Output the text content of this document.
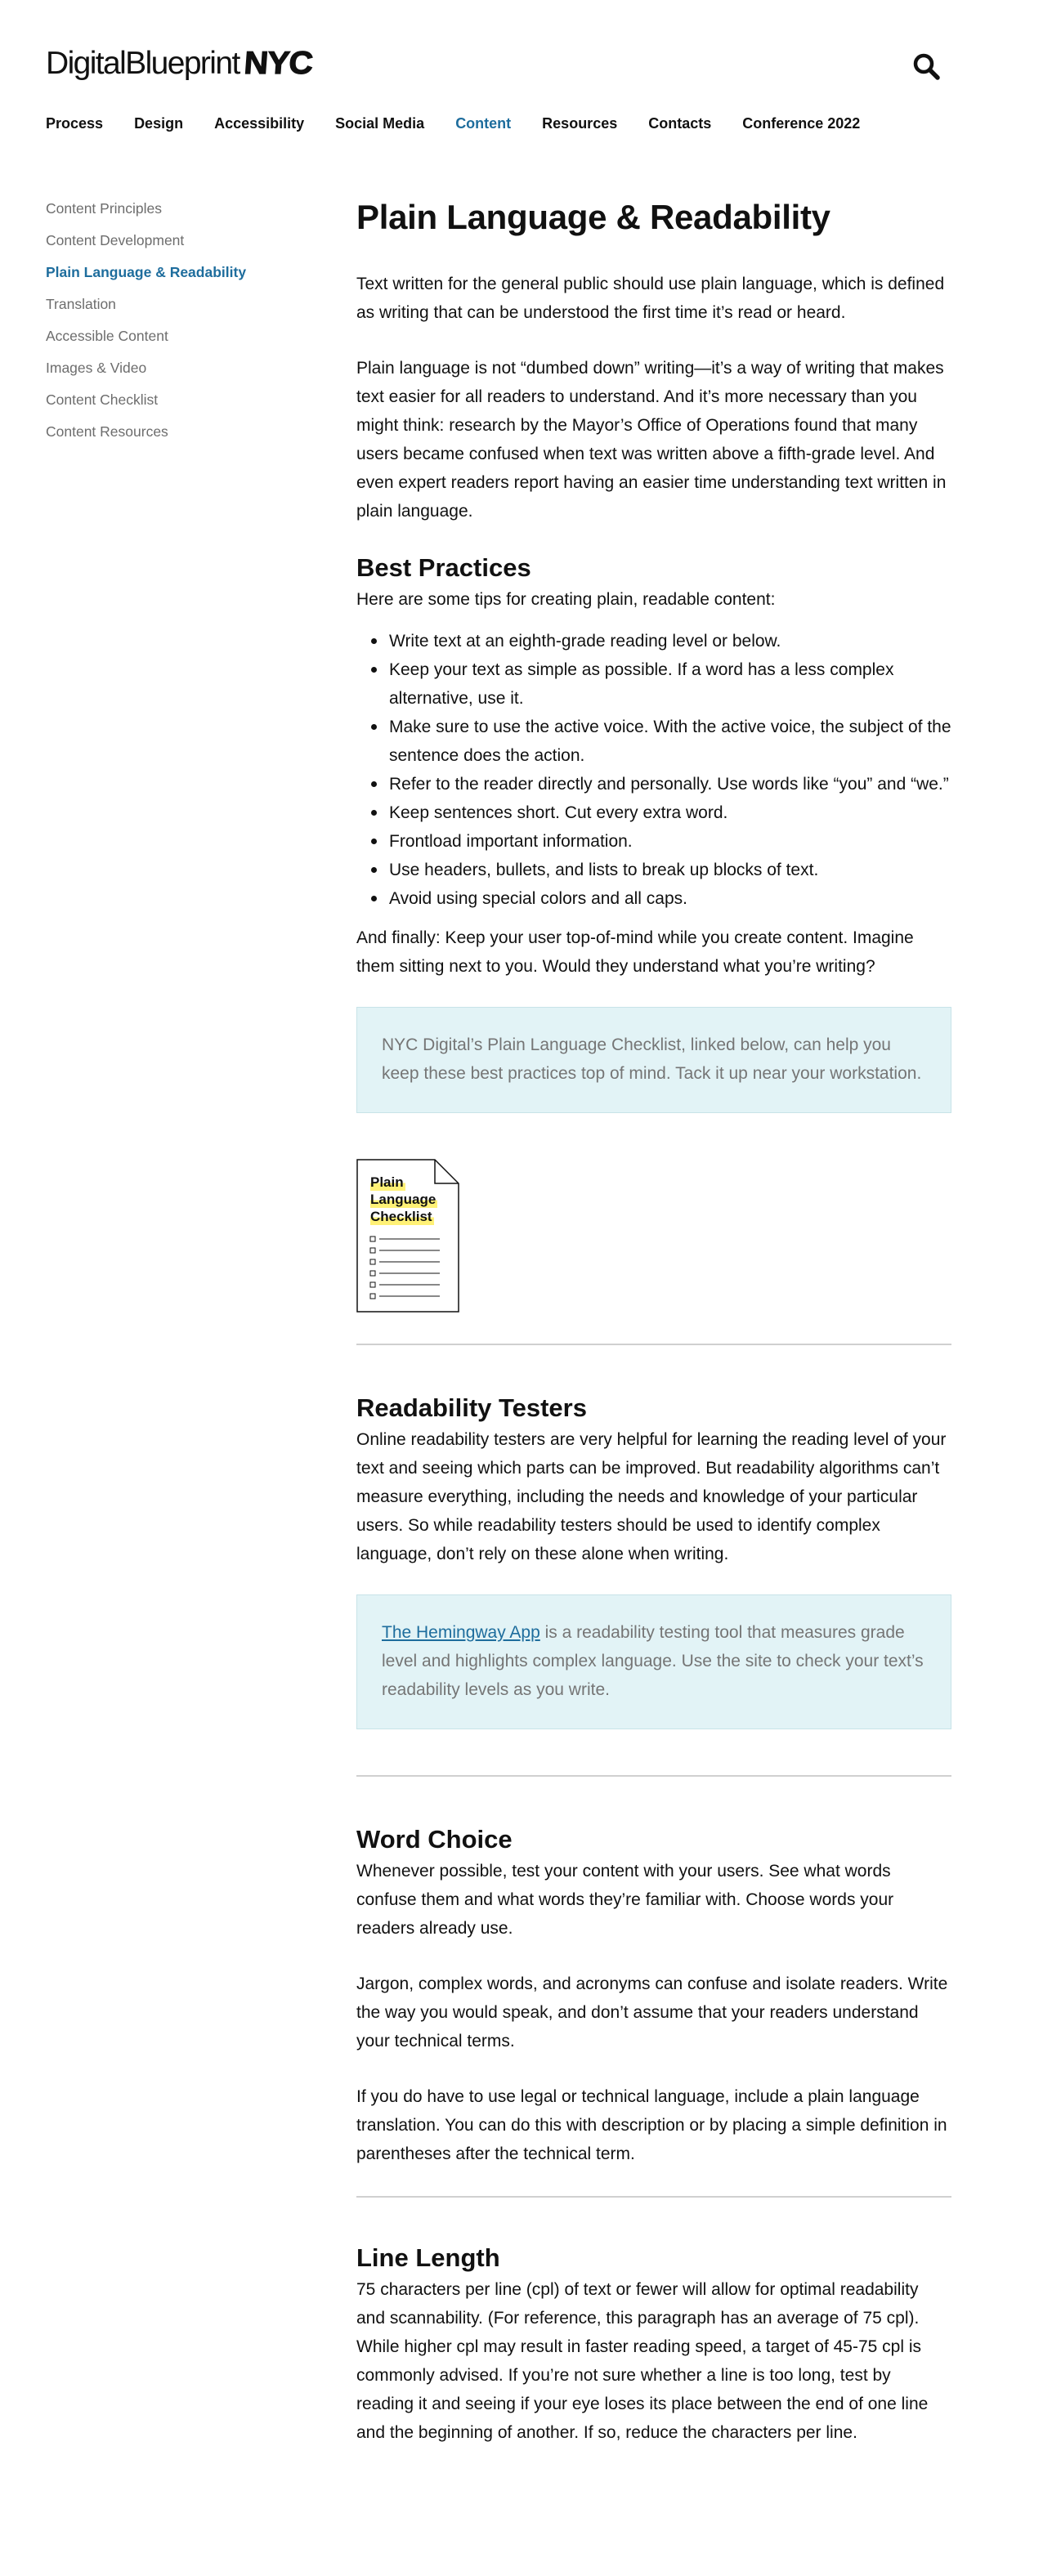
DigitalBlueprint NYC
Process Design Accessibility Social Media Content Resources Contacts Conference 2022
Content Principles
Content Development
Plain Language & Readability
Translation
Accessible Content
Images & Video
Content Checklist
Content Resources
Plain Language & Readability

Text written for the general public should use plain language, which is defined as writing that can be understood the first time it’s read or heard.

Plain language is not “dumbed down” writing—it’s a way of writing that makes text easier for all readers to understand. And it’s more necessary than you might think: research by the Mayor’s Office of Operations found that many users became confused when text was written above a fifth-grade level. And even expert readers report having an easier time understanding text written in plain language.

Best Practices

Here are some tips for creating plain, readable content:

Write text at an eighth-grade reading level or below.
Keep your text as simple as possible. If a word has a less complex alternative, use it.
Make sure to use the active voice. With the active voice, the subject of the sentence does the action.
Refer to the reader directly and personally. Use words like “you” and “we.”
Keep sentences short. Cut every extra word.
Frontload important information.
Use headers, bullets, and lists to break up blocks of text.
Avoid using special colors and all caps.

And finally: Keep your user top-of-mind while you create content. Imagine them sitting next to you. Would they understand what you’re writing?

NYC Digital’s Plain Language Checklist, linked below, can help you keep these best practices top of mind. Tack it up near your workstation.

Plain
Language
Checklist
Readability Testers

Online readability testers are very helpful for learning the reading level of your text and seeing which parts can be improved. But readability algorithms can’t measure everything, including the needs and knowledge of your particular users. So while readability testers should be used to identify complex language, don’t rely on these alone when writing.

The Hemingway App is a readability testing tool that measures grade level and highlights complex language. Use the site to check your text’s readability levels as you write.

Word Choice

Whenever possible, test your content with your users. See what words confuse them and what words they’re familiar with. Choose words your readers already use.

Jargon, complex words, and acronyms can confuse and isolate readers. Write the way you would speak, and don’t assume that your readers understand your technical terms.

If you do have to use legal or technical language, include a plain language translation. You can do this with description or by placing a simple definition in parentheses after the technical term.

Line Length

75 characters per line (cpl) of text or fewer will allow for optimal readability and scannability. (For reference, this paragraph has an average of 75 cpl). While higher cpl may result in faster reading speed, a target of 45-75 cpl is commonly advised. If you’re not sure whether a line is too long, test by reading it and seeing if your eye loses its place between the end of one line and the beginning of another. If so, reduce the characters per line.
